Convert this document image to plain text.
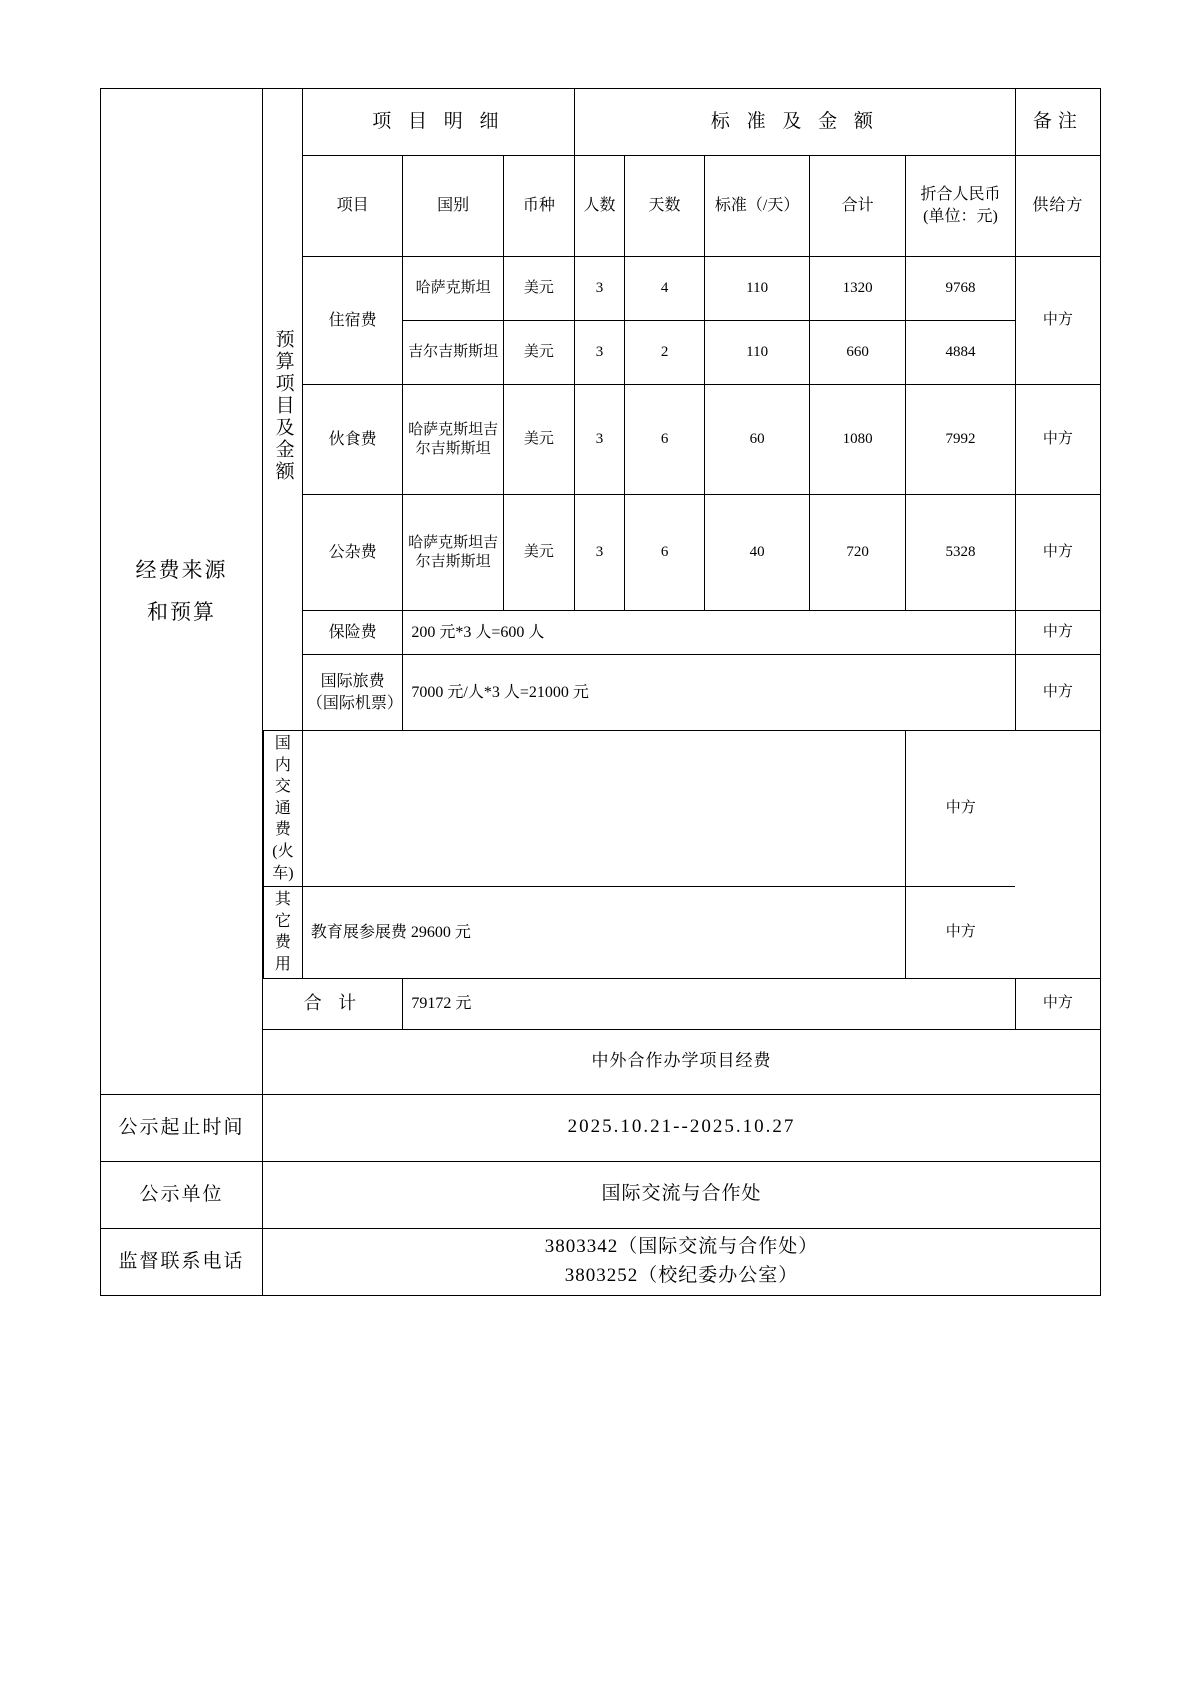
经费来源
和预算

预算项目及金额	项 目 明 细	标 准 及 金 额	备注
项目	国别	币种	人数	天数	标准（/天）	合计	折合人民币(单位：元)	供给方
住宿费	哈萨克斯坦	美元	3	4	110	1320	9768	中方
吉尔吉斯斯坦	美元	3	2	110	660	4884
伙食费	哈萨克斯坦吉尔吉斯斯坦	美元	3	6	60	1080	7992	中方
公杂费	哈萨克斯坦吉尔吉斯斯坦	美元	3	6	40	720	5328	中方
保险费	200 元*3 人=600 人	中方
国际旅费（国际机票）	7000 元/人*3 人=21000 元	中方
国内交通费(火车)		中方
其它费用	教育展参展费 29600 元	中方
合 计	79172 元	中方

中外合作办学项目经费
公示起止时间	2025.10.21--2025.10.27
公示单位	国际交流与合作处
监督联系电话	
3803342（国际交流与合作处）
3803252（校纪委办公室）
